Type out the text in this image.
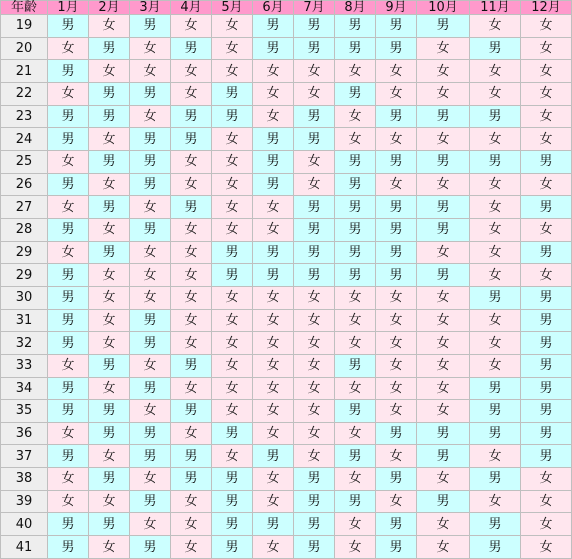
年齡	1月	2月	3月	4月	5月	6月	7月	8月	9月	10月	11月	12月
19	男	女	男	女	女	男	男	男	男	男	女	女
20	女	男	女	男	女	男	男	男	男	女	男	女
21	男	女	女	女	女	女	女	女	女	女	女	女
22	女	男	男	女	男	女	女	男	女	女	女	女
23	男	男	女	男	男	女	男	女	男	男	男	女
24	男	女	男	男	女	男	男	女	女	女	女	女
25	女	男	男	女	女	男	女	男	男	男	男	男
26	男	女	男	女	女	男	女	男	女	女	女	女
27	女	男	女	男	女	女	男	男	男	男	女	男
28	男	女	男	女	女	女	男	男	男	男	女	女
29	女	男	女	女	男	男	男	男	男	女	女	男
29	男	女	女	女	男	男	男	男	男	男	女	女
30	男	女	女	女	女	女	女	女	女	女	男	男
31	男	女	男	女	女	女	女	女	女	女	女	男
32	男	女	男	女	女	女	女	女	女	女	女	男
33	女	男	女	男	女	女	女	男	女	女	女	男
34	男	女	男	女	女	女	女	女	女	女	男	男
35	男	男	女	男	女	女	女	男	女	女	男	男
36	女	男	男	女	男	女	女	女	男	男	男	男
37	男	女	男	男	女	男	女	男	女	男	女	男
38	女	男	女	男	男	女	男	女	男	女	男	女
39	女	女	男	女	男	女	男	男	女	男	女	女
40	男	男	女	女	男	男	男	女	男	女	男	女
41	男	女	男	女	男	女	男	女	男	女	男	女
